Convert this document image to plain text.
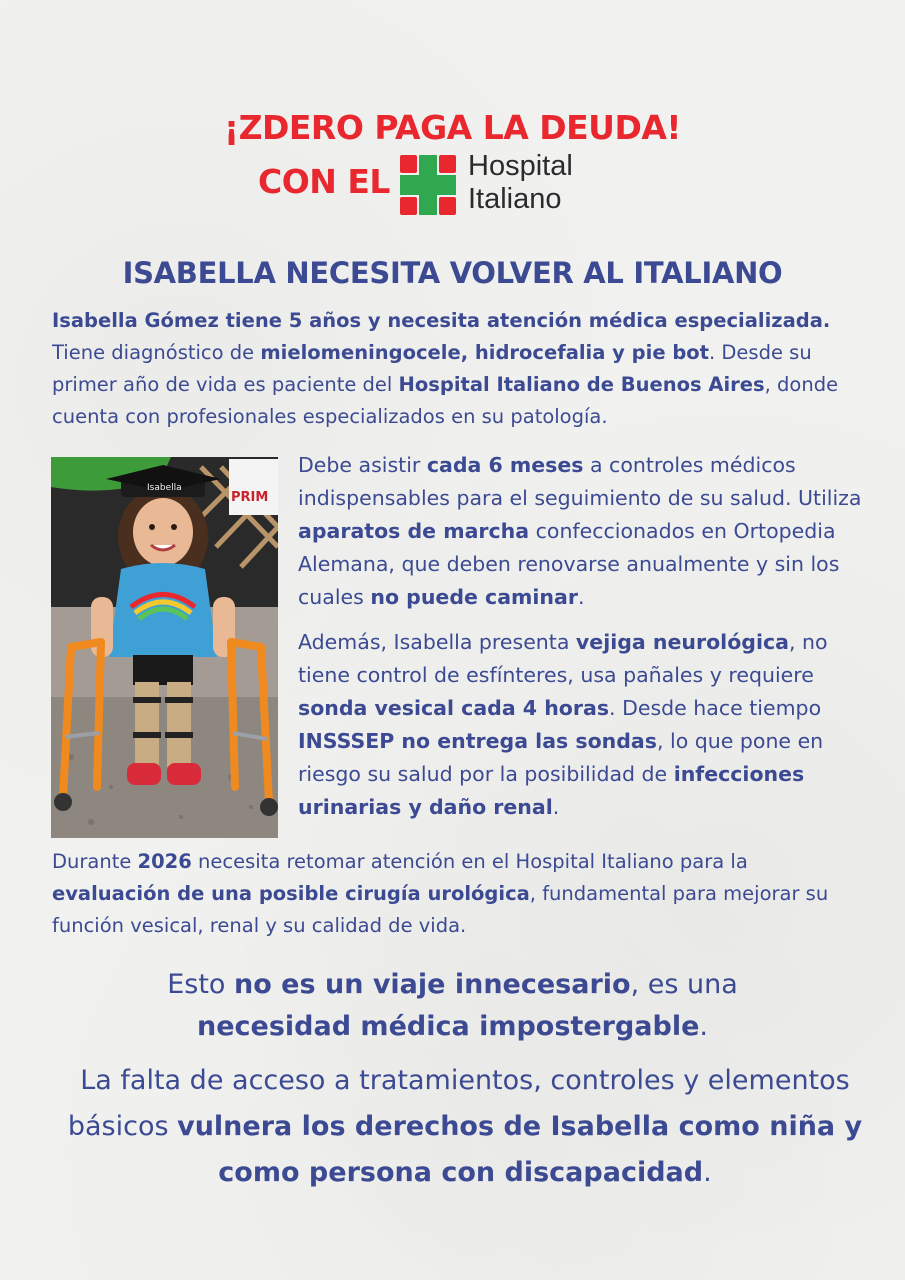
¡ZDERO PAGA LA DEUDA!
CON EL	Hospital
Italiano
ISABELLA NECESITA VOLVER AL ITALIANO
Isabella Gómez tiene 5 años y necesita atención médica especializada. Tiene diagnóstico de mielomeningocele, hidrocefalia y pie bot. Desde su primer año de vida es paciente del Hospital Italiano de Buenos Aires, donde cuenta con profesionales especializados en su patología.
PRIM
Isabella
Debe asistir cada 6 meses a controles médicos indispensables para el seguimiento de su salud. Utiliza aparatos de marcha confeccionados en Ortopedia Alemana, que deben renovarse anualmente y sin los cuales no puede caminar.
Además, Isabella presenta vejiga neurológica, no tiene control de esfínteres, usa pañales y requiere sonda vesical cada 4 horas. Desde hace tiempo INSSSEP no entrega las sondas, lo que pone en riesgo su salud por la posibilidad de infecciones urinarias y daño renal.
Durante 2026 necesita retomar atención en el Hospital Italiano para la evaluación de una posible cirugía urológica, fundamental para mejorar su función vesical, renal y su calidad de vida.
Esto no es un viaje innecesario, es una
necesidad médica impostergable.
La falta de acceso a tratamientos, controles y elementos básicos vulnera los derechos de Isabella como niña y como persona con discapacidad.
